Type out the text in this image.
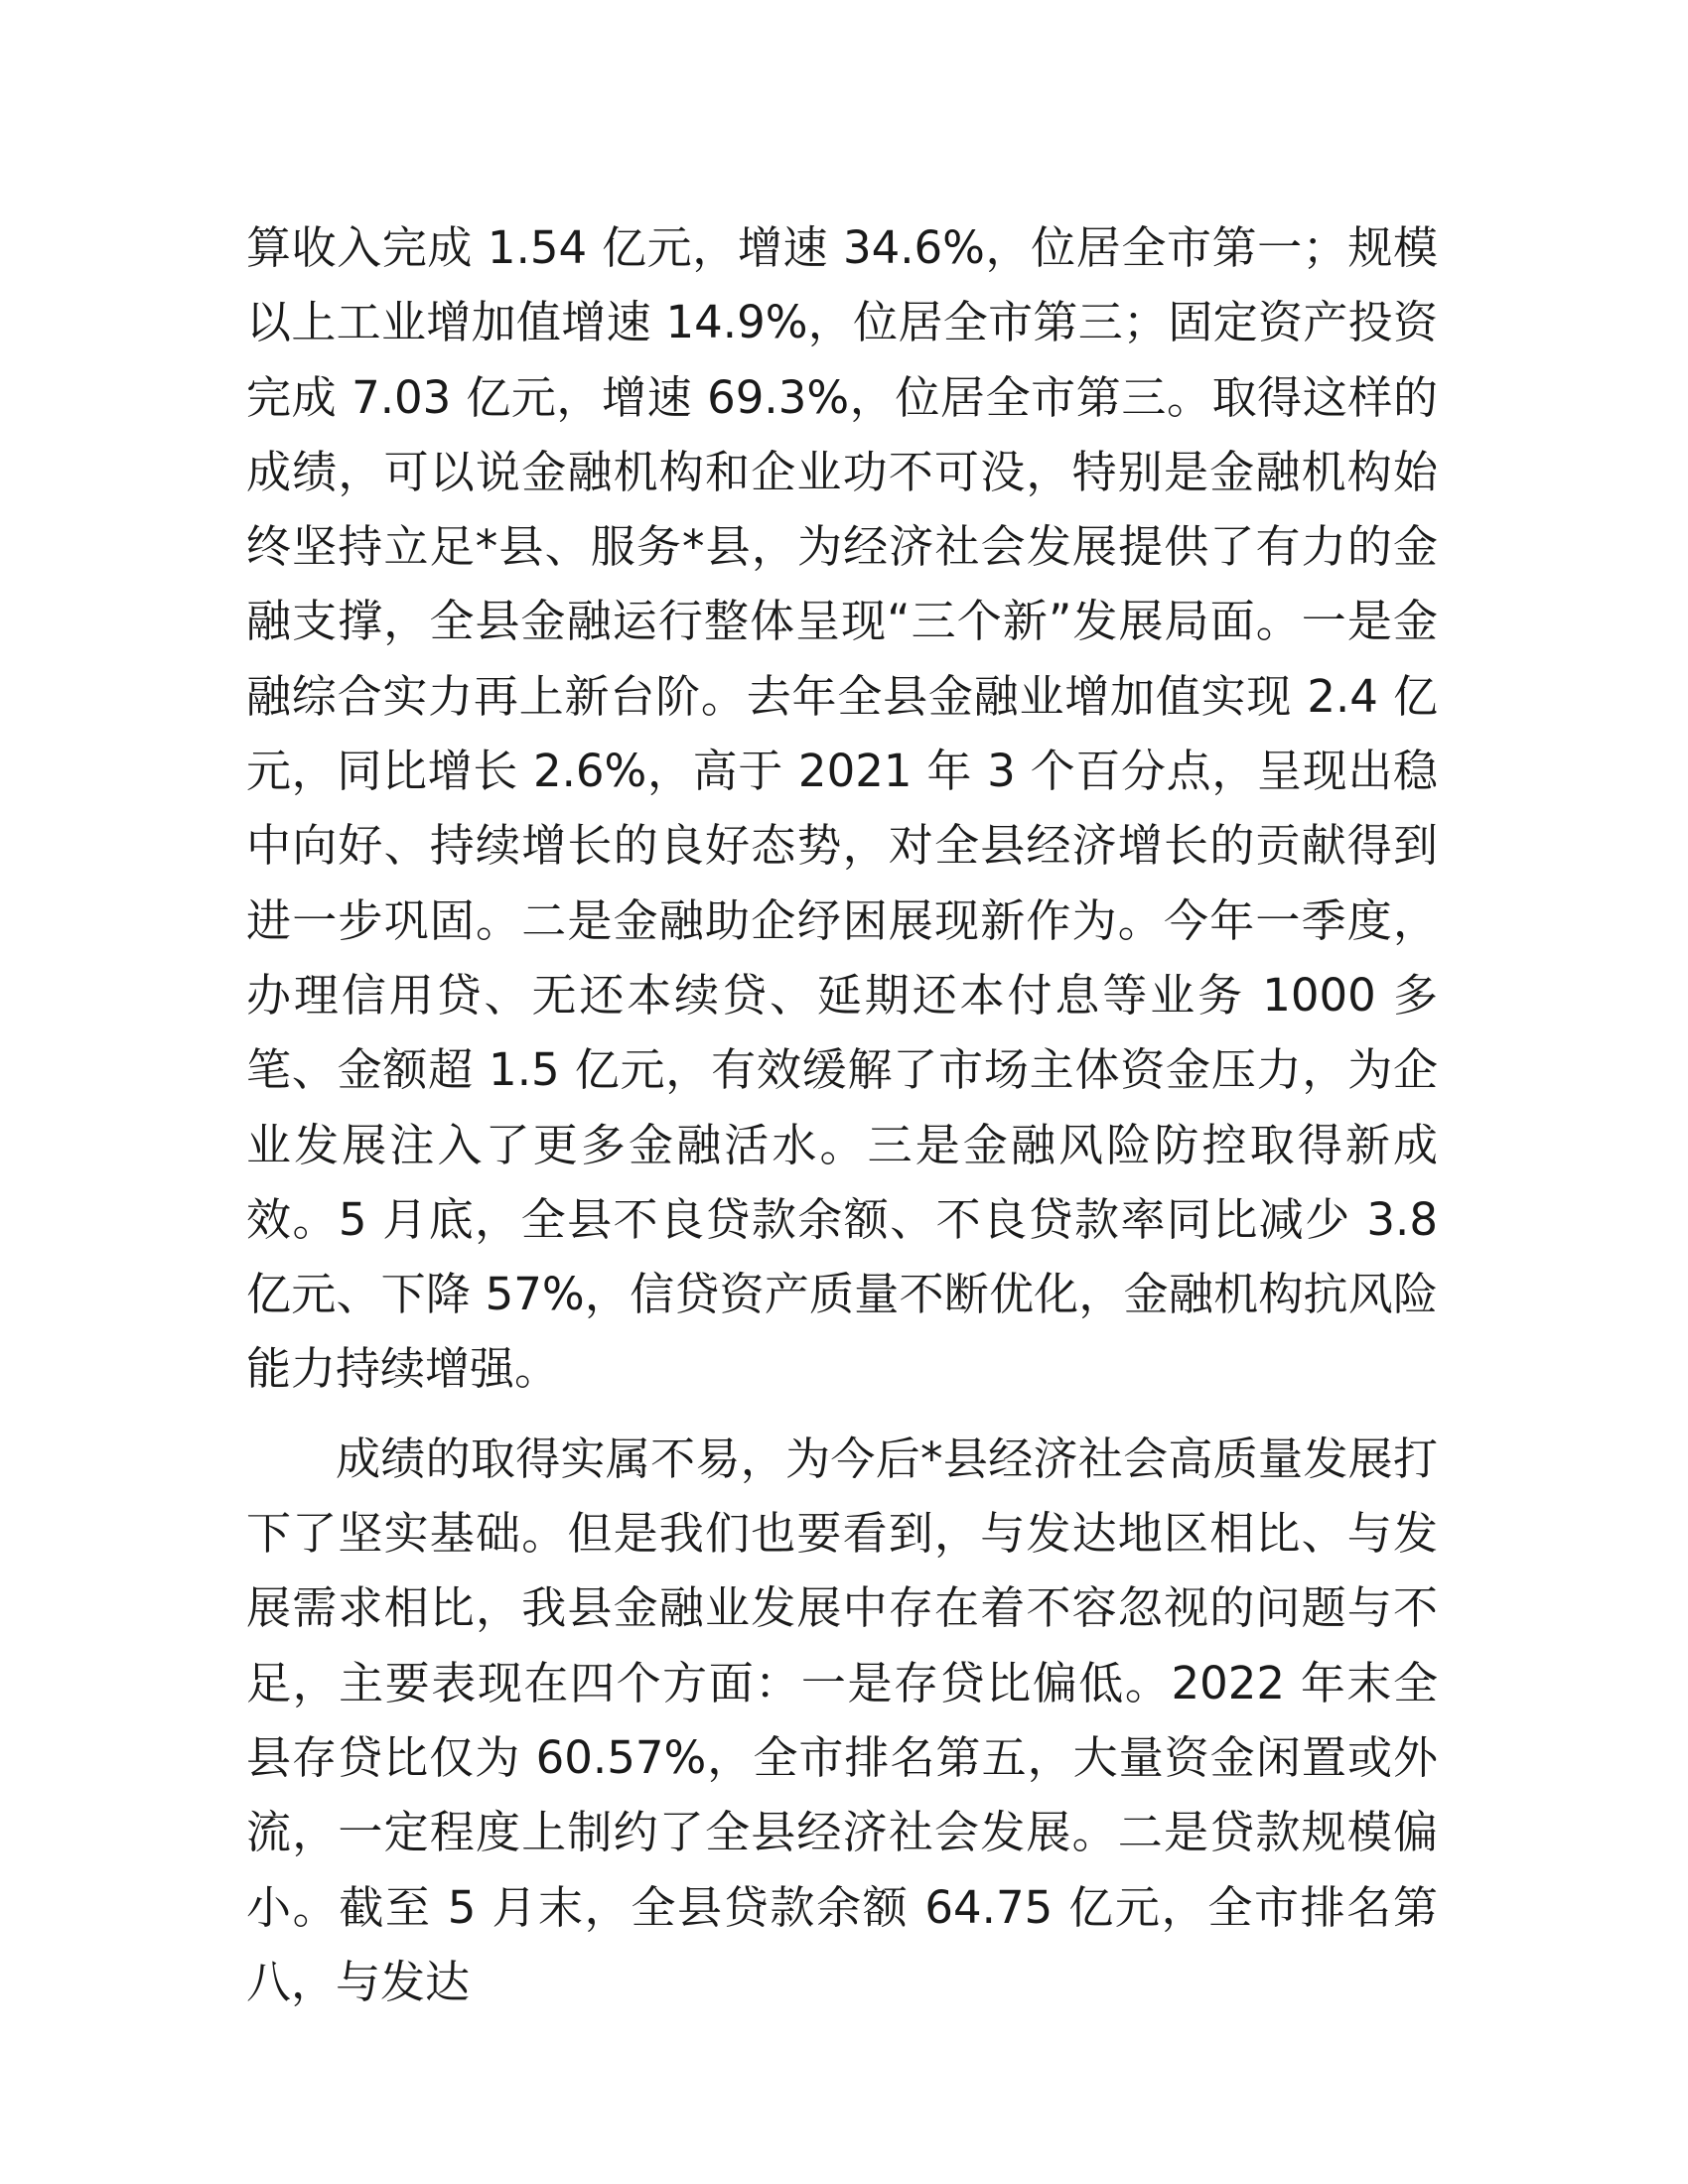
算收入完成 1.54 亿元，增速 34.6%，位居全市第一；规模以上工业增加值增速 14.9%，位居全市第三；固定资产投资完成 7.03 亿元，增速 69.3%，位居全市第三。取得这样的成绩，可以说金融机构和企业功不可没，特别是金融机构始终坚持立足*县、服务*县，为经济社会发展提供了有力的金融支撑，全县金融运行整体呈现“三个新”发展局面。一是金融综合实力再上新台阶。去年全县金融业增加值实现 2.4 亿元，同比增长 2.6%，高于 2021 年 3 个百分点，呈现出稳中向好、持续增长的良好态势，对全县经济增长的贡献得到进一步巩固。二是金融助企纾困展现新作为。今年一季度，办理信用贷、无还本续贷、延期还本付息等业务 1000 多笔、金额超 1.5 亿元，有效缓解了市场主体资金压力，为企业发展注入了更多金融活水。三是金融风险防控取得新成效。5 月底，全县不良贷款余额、不良贷款率同比减少 3.8 亿元、下降 57%，信贷资产质量不断优化，金融机构抗风险能力持续增强。

成绩的取得实属不易，为今后*县经济社会高质量发展打下了坚实基础。但是我们也要看到，与发达地区相比、与发展需求相比，我县金融业发展中存在着不容忽视的问题与不足，主要表现在四个方面：一是存贷比偏低。2022 年末全县存贷比仅为 60.57%，全市排名第五，大量资金闲置或外流，一定程度上制约了全县经济社会发展。二是贷款规模偏小。截至 5 月末，全县贷款余额 64.75 亿元，全市排名第八，与发达
